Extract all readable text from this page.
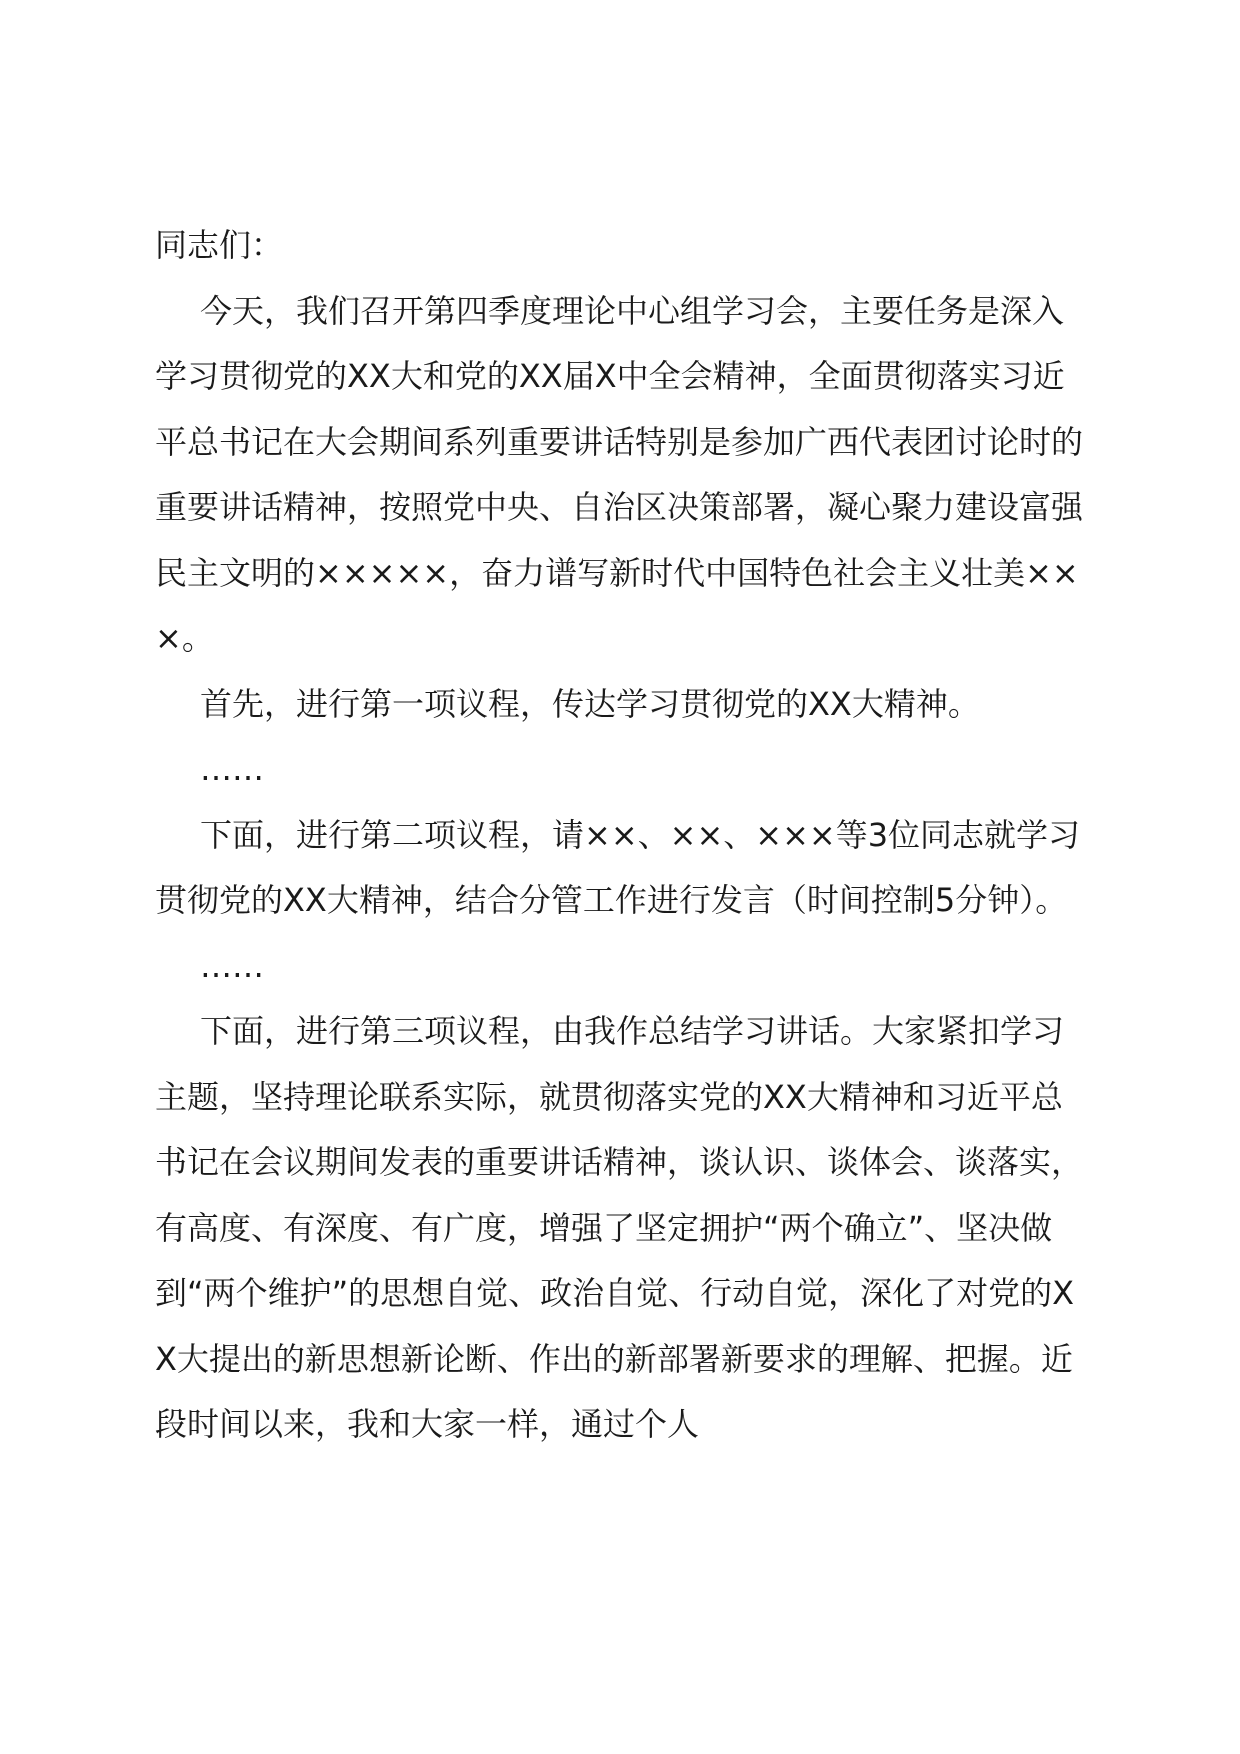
同志们：

今天，我们召开第四季度理论中心组学习会，主要任务是深入学习贯彻党的XX大和党的XX届X中全会精神，全面贯彻落实习近平总书记在大会期间系列重要讲话特别是参加广西代表团讨论时的重要讲话精神，按照党中央、自治区决策部署，凝心聚力建设富强民主文明的×××××，奋力谱写新时代中国特色社会主义壮美×××。

首先，进行第一项议程，传达学习贯彻党的XX大精神。

……

下面，进行第二项议程，请××、××、×××等3位同志就学习贯彻党的XX大精神，结合分管工作进行发言（时间控制5分钟）。

……

下面，进行第三项议程，由我作总结学习讲话。大家紧扣学习主题，坚持理论联系实际，就贯彻落实党的XX大精神和习近平总书记在会议期间发表的重要讲话精神，谈认识、谈体会、谈落实，有高度、有深度、有广度，增强了坚定拥护“两个确立”、坚决做到“两个维护”的思想自觉、政治自觉、行动自觉，深化了对党的XX大提出的新思想新论断、作出的新部署新要求的理解、把握。近段时间以来，我和大家一样，通过个人
